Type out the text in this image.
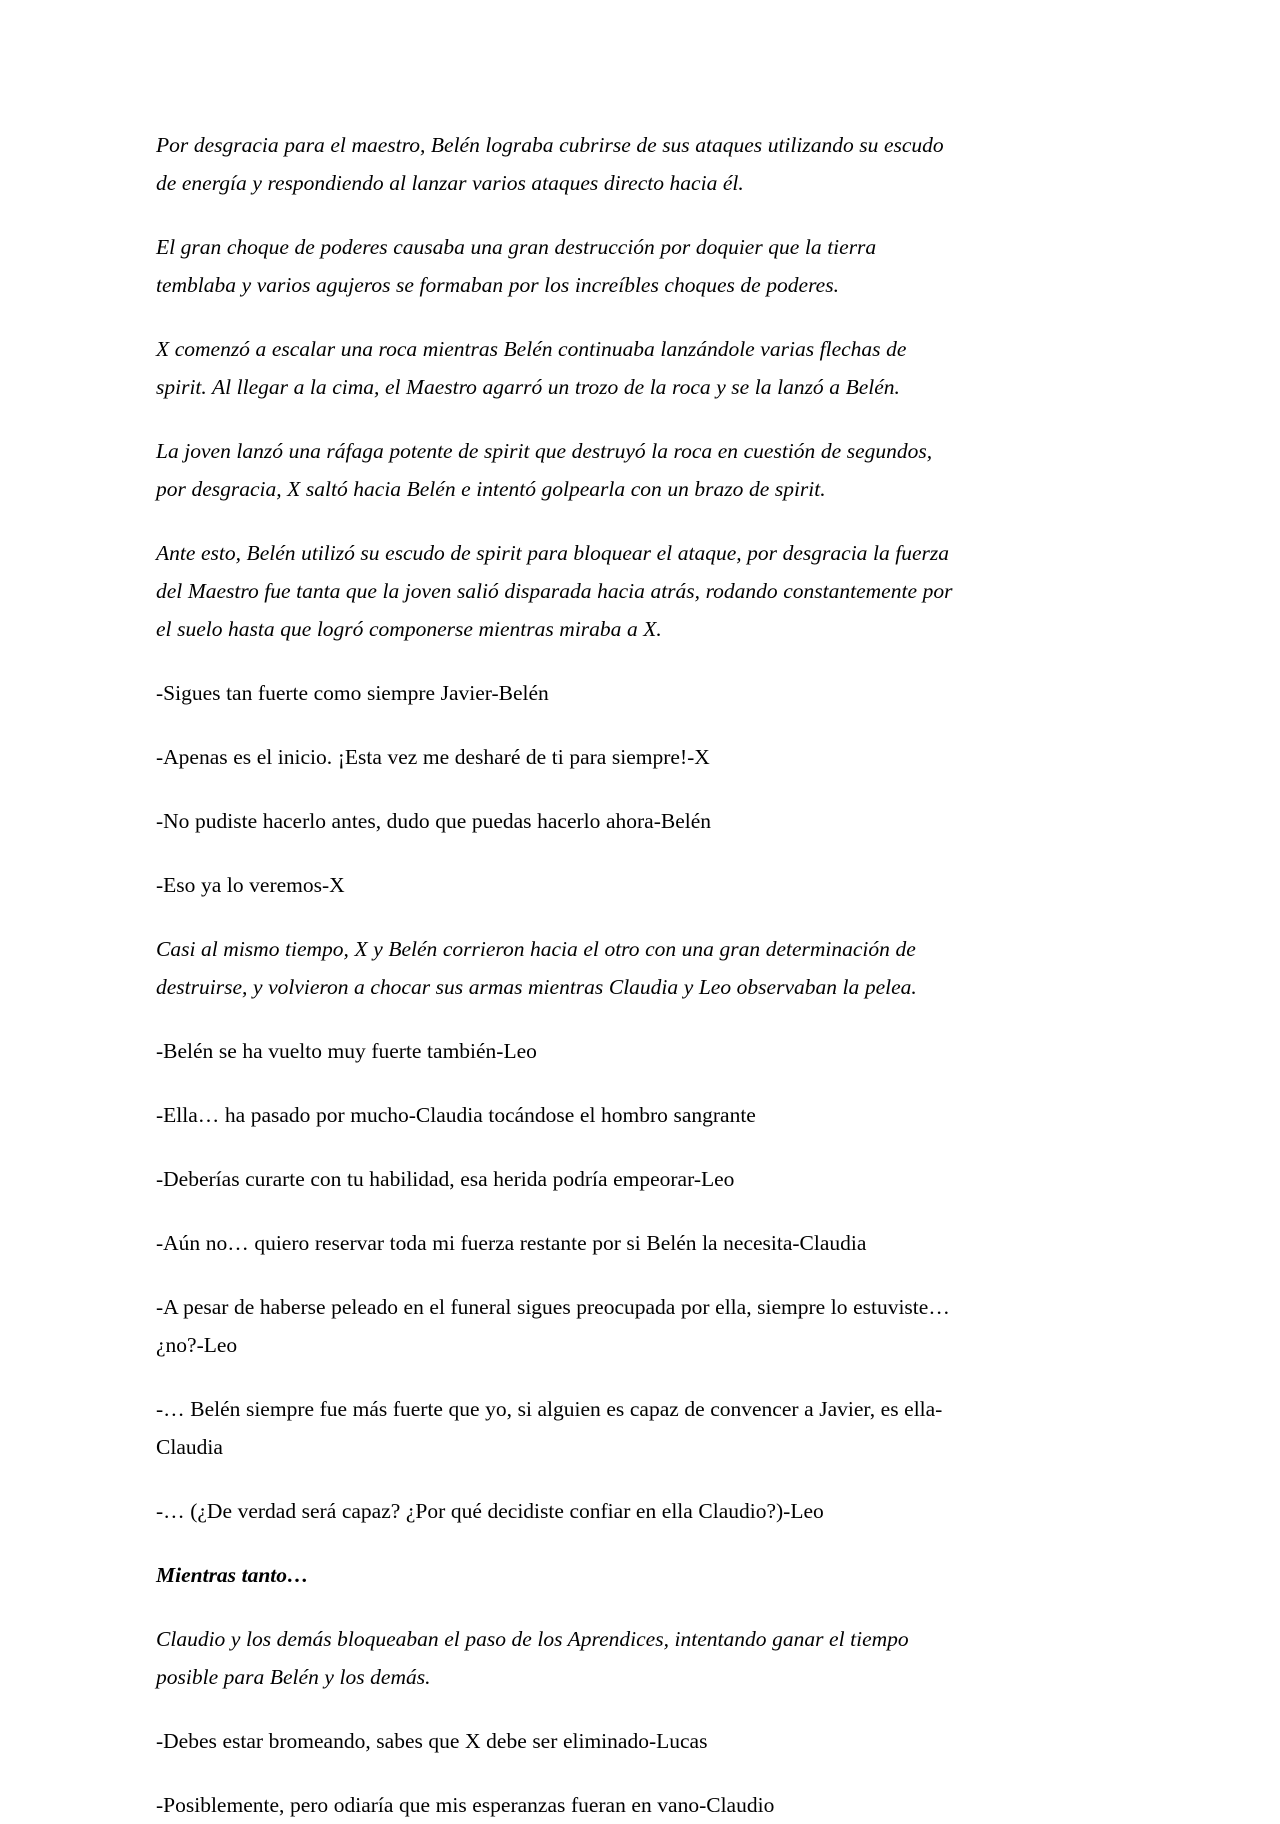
Por desgracia para el maestro, Belén lograba cubrirse de sus ataques utilizando su escudo de energía y respondiendo al lanzar varios ataques directo hacia él.

El gran choque de poderes causaba una gran destrucción por doquier que la tierra temblaba y varios agujeros se formaban por los increíbles choques de poderes.

X comenzó a escalar una roca mientras Belén continuaba lanzándole varias flechas de spirit. Al llegar a la cima, el Maestro agarró un trozo de la roca y se la lanzó a Belén.

La joven lanzó una ráfaga potente de spirit que destruyó la roca en cuestión de segundos, por desgracia, X saltó hacia Belén e intentó golpearla con un brazo de spirit.

Ante esto, Belén utilizó su escudo de spirit para bloquear el ataque, por desgracia la fuerza del Maestro fue tanta que la joven salió disparada hacia atrás, rodando constantemente por el suelo hasta que logró componerse mientras miraba a X.

-Sigues tan fuerte como siempre Javier-Belén

-Apenas es el inicio. ¡Esta vez me desharé de ti para siempre!-X

-No pudiste hacerlo antes, dudo que puedas hacerlo ahora-Belén

-Eso ya lo veremos-X

Casi al mismo tiempo, X y Belén corrieron hacia el otro con una gran determinación de destruirse, y volvieron a chocar sus armas mientras Claudia y Leo observaban la pelea.

-Belén se ha vuelto muy fuerte también-Leo

-Ella… ha pasado por mucho-Claudia tocándose el hombro sangrante

-Deberías curarte con tu habilidad, esa herida podría empeorar-Leo

-Aún no… quiero reservar toda mi fuerza restante por si Belén la necesita-Claudia

-A pesar de haberse peleado en el funeral sigues preocupada por ella, siempre lo estuviste… ¿no?-Leo

-… Belén siempre fue más fuerte que yo, si alguien es capaz de convencer a Javier, es ella-Claudia

-… (¿De verdad será capaz? ¿Por qué decidiste confiar en ella Claudio?)-Leo

Mientras tanto…

Claudio y los demás bloqueaban el paso de los Aprendices, intentando ganar el tiempo posible para Belén y los demás.

-Debes estar bromeando, sabes que X debe ser eliminado-Lucas

-Posiblemente, pero odiaría que mis esperanzas fueran en vano-Claudio
